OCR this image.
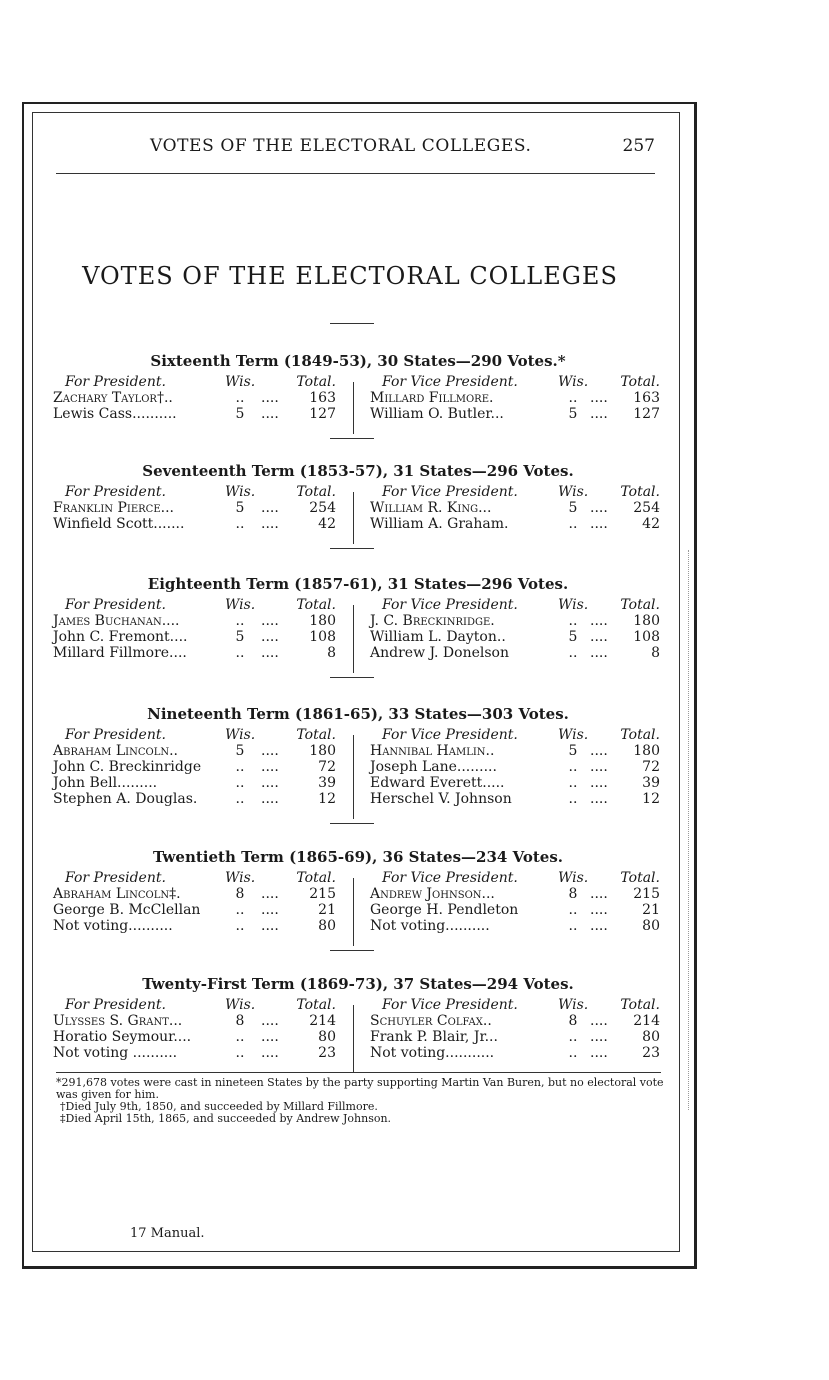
VOTES OF THE ELECTORAL COLLEGES.	257
VOTES OF THE ELECTORAL COLLEGES
Sixteenth Term (1849-53), 30 States—290 Votes.*
For President.	Wis.	Total.
Zachary Taylor†..	..	....	163
Lewis Cass..........	5	....	127
For Vice President.	Wis. Total.
Millard Fillmore.	.. ....	163
William O. Butler...	5 ....	127
Seventeenth Term (1853-57), 31 States—296 Votes.
For President.	Wis.	Total.
Franklin Pierce...	5	....	254
Winfield Scott.......	..	....	42
For Vice President.	Wis. Total.
William R. King...	5 ....	254
William A. Graham.	.. ....	42
Eighteenth Term (1857-61), 31 States—296 Votes.
For President.	Wis.	Total.
James Buchanan....	..	....	180
John C. Fremont....	5	....	108
Millard Fillmore....	..	....	8
For Vice President.	Wis. Total.
J. C. Breckinridge.	.. ....	180
William L. Dayton..	5 ....	108
Andrew J. Donelson	.. ....	8
Nineteenth Term (1861-65), 33 States—303 Votes.
For President.	Wis.	Total.
Abraham Lincoln..	5	....	180
John C. Breckinridge	..	....	72
John Bell.........	..	....	39
Stephen A. Douglas.	..	....	12
For Vice President.	Wis. Total.
Hannibal Hamlin..	5 ....	180
Joseph Lane.........	.. ....	72
Edward Everett.....	.. ....	39
Herschel V. Johnson	.. ....	12
Twentieth Term (1865-69), 36 States—234 Votes.
For President.	Wis.	Total.
Abraham Lincoln‡.	8	....	215
George B. McClellan	..	....	21
Not voting..........	..	....	80
For Vice President.	Wis. Total.
Andrew Johnson...	8 ....	215
George H. Pendleton	.. ....	21
Not voting..........	.. ....	80
Twenty-First Term (1869-73), 37 States—294 Votes.
For President.	Wis.	Total.
Ulysses S. Grant...	8	....	214
Horatio Seymour....	..	....	80
Not voting ..........	..	....	23
For Vice President.	Wis. Total.
Schuyler Colfax..	8 ....	214
Frank P. Blair, Jr...	.. ....	80
Not voting...........	.. ....	23

*291,678 votes were cast in nineteen States by the party supporting Martin Van Buren, but no electoral vote was given for him.

†Died July 9th, 1850, and succeeded by Millard Fillmore.

‡Died April 15th, 1865, and succeeded by Andrew Johnson.

17 Manual.
